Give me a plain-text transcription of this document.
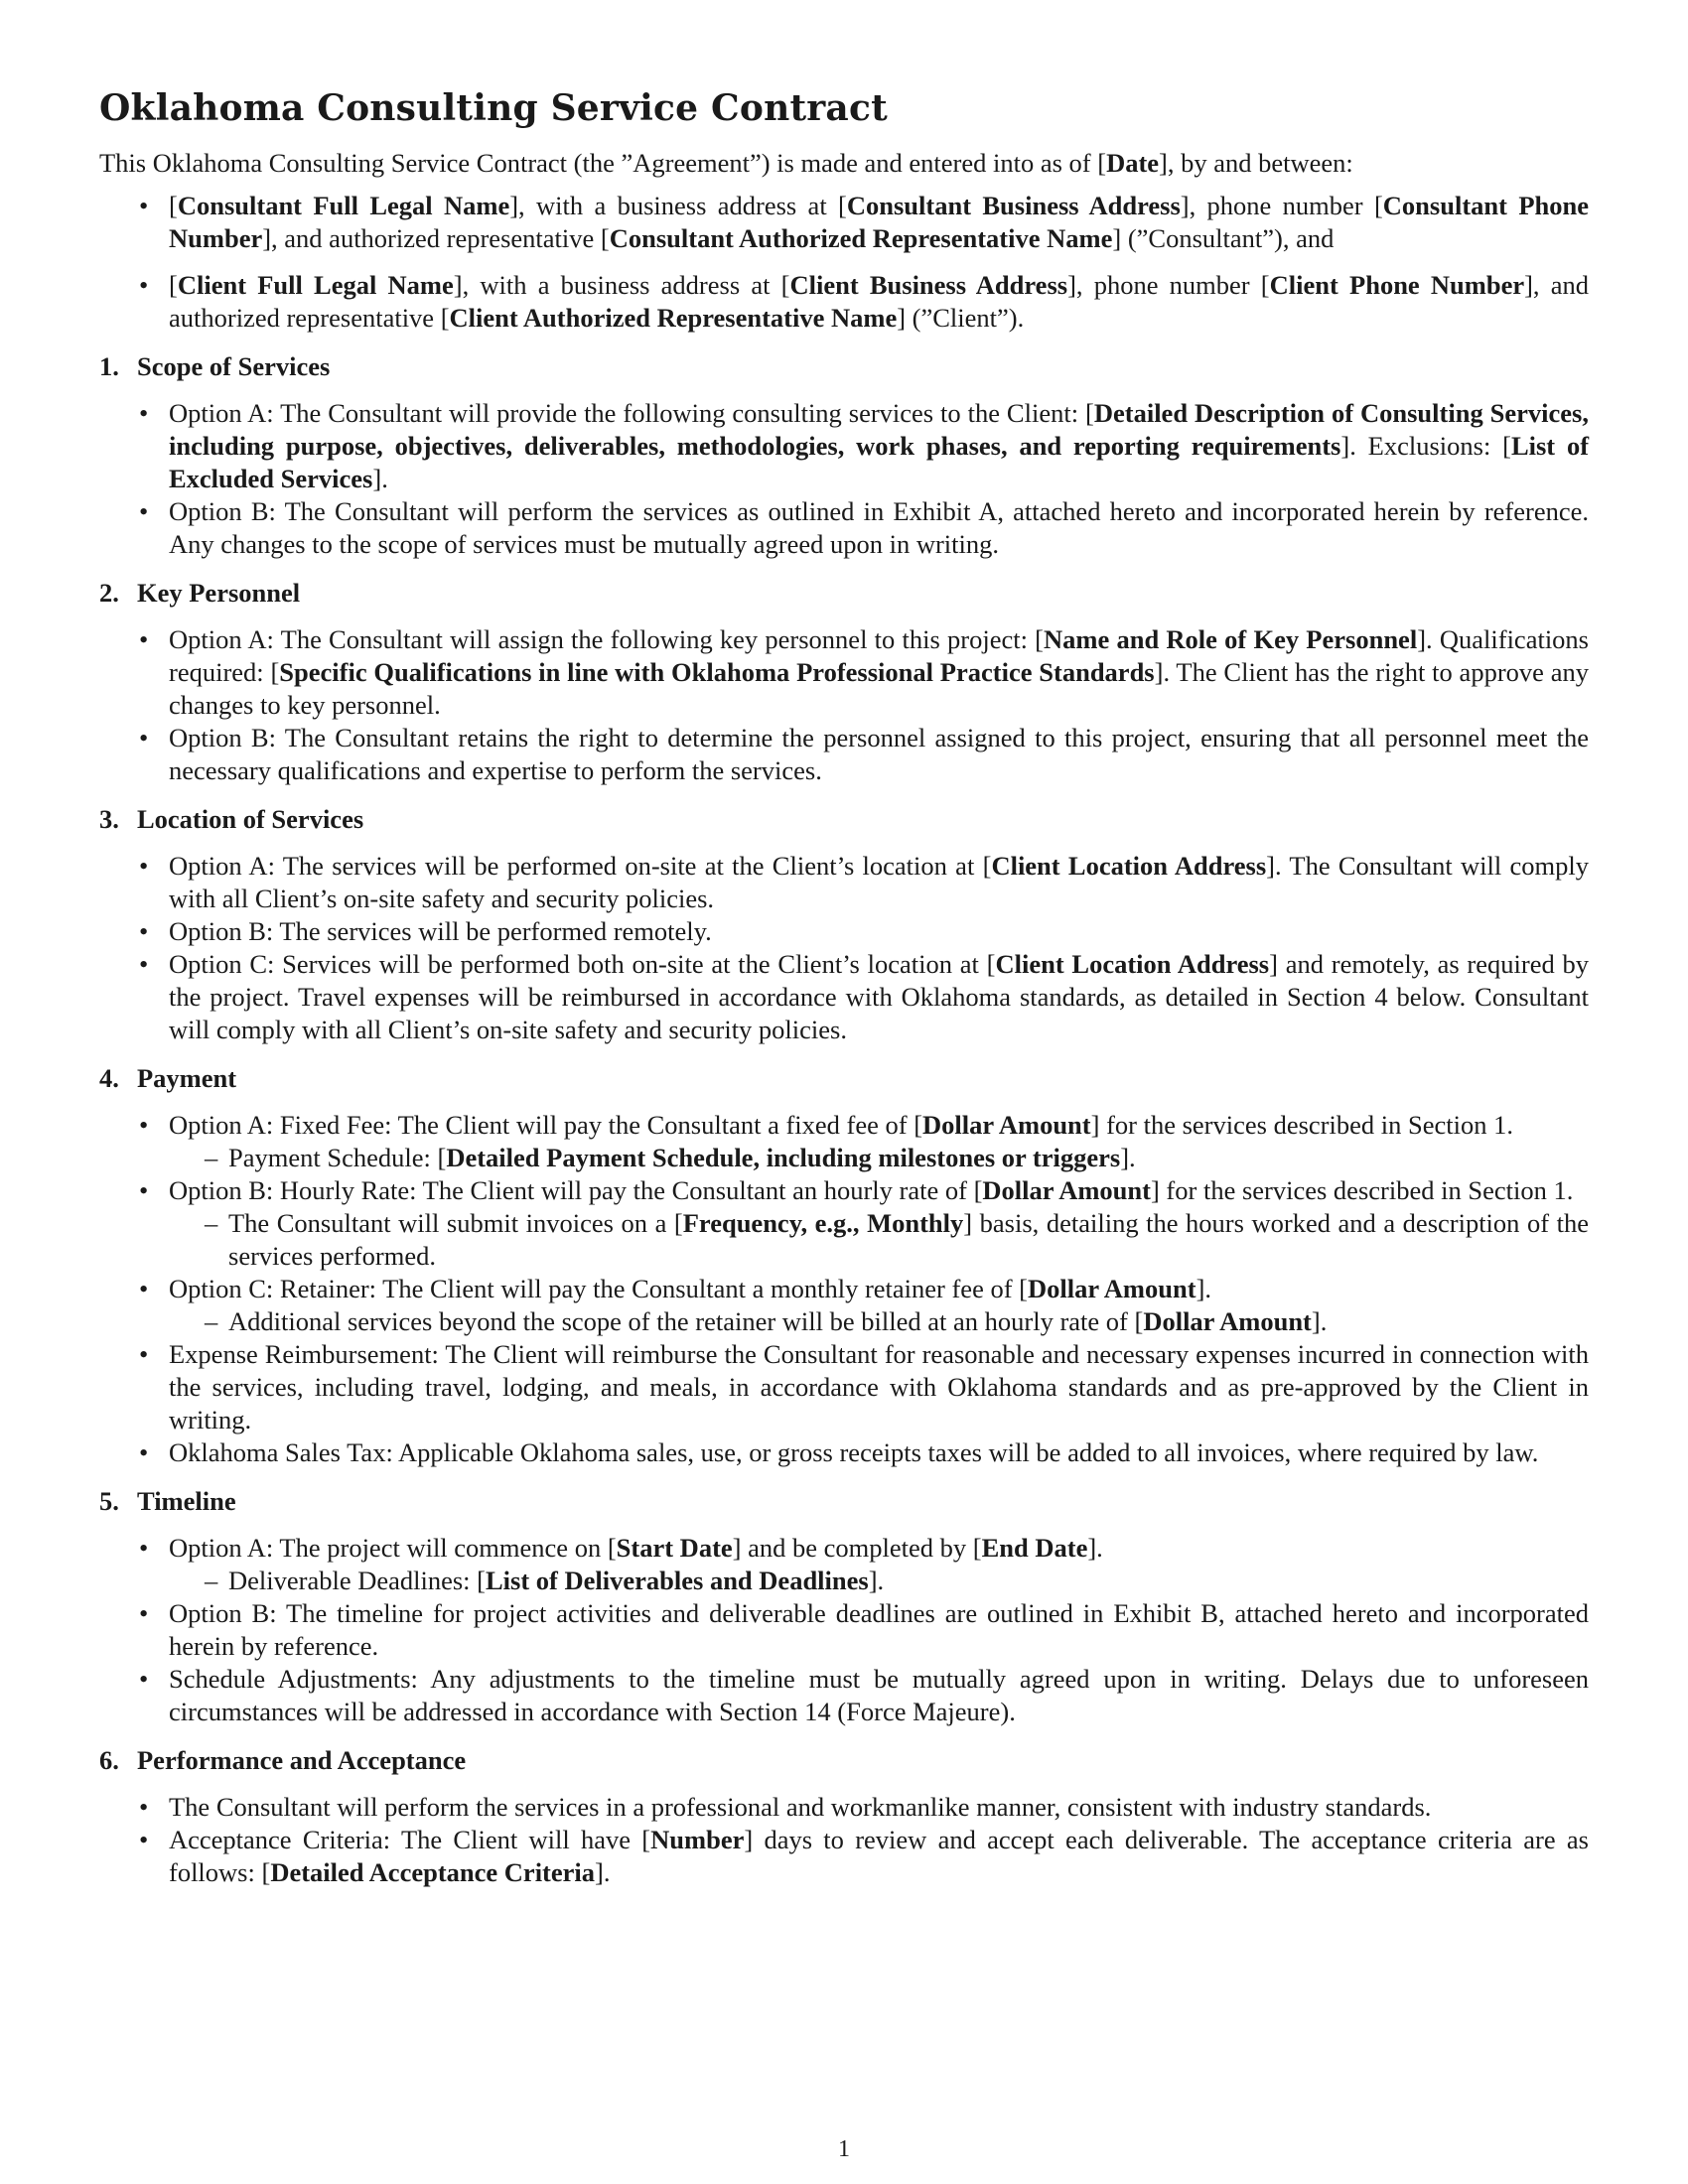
Oklahoma Consulting Service Contract

This Oklahoma Consulting Service Contract (the ”Agreement”) is made and entered into as of [Date], by and between:

• [Consultant Full Legal Name], with a business address at [Consultant Business Address], phone number [Consultant Phone Number], and authorized representative [Consultant Authorized Representative Name] (”Consultant”), and
• [Client Full Legal Name], with a business address at [Client Business Address], phone number [Client Phone Number], and authorized representative [Client Authorized Representative Name] (”Client”).
1. Scope of Services
• Option A: The Consultant will provide the following consulting services to the Client: [Detailed Description of Consulting Services, including purpose, objectives, deliverables, methodologies, work phases, and reporting requirements]. Exclusions: [List of Excluded Services].
• Option B: The Consultant will perform the services as outlined in Exhibit A, attached hereto and incorporated herein by reference. Any changes to the scope of services must be mutually agreed upon in writing.
2. Key Personnel
• Option A: The Consultant will assign the following key personnel to this project: [Name and Role of Key Personnel]. Qualifications required: [Specific Qualifications in line with Oklahoma Professional Practice Standards]. The Client has the right to approve any changes to key personnel.
• Option B: The Consultant retains the right to determine the personnel assigned to this project, ensuring that all personnel meet the necessary qualifications and expertise to perform the services.
3. Location of Services
• Option A: The services will be performed on-site at the Client’s location at [Client Location Address]. The Consultant will comply with all Client’s on-site safety and security policies.
• Option B: The services will be performed remotely.
• Option C: Services will be performed both on-site at the Client’s location at [Client Location Address] and remotely, as required by the project. Travel expenses will be reimbursed in accordance with Oklahoma standards, as detailed in Section 4 below. Consultant will comply with all Client’s on-site safety and security policies.
4. Payment
• Option A: Fixed Fee: The Client will pay the Consultant a fixed fee of [Dollar Amount] for the services described in Section 1.
– Payment Schedule: [Detailed Payment Schedule, including milestones or triggers].
• Option B: Hourly Rate: The Client will pay the Consultant an hourly rate of [Dollar Amount] for the services described in Section 1.
– The Consultant will submit invoices on a [Frequency, e.g., Monthly] basis, detailing the hours worked and a description of the services performed.
• Option C: Retainer: The Client will pay the Consultant a monthly retainer fee of [Dollar Amount].
– Additional services beyond the scope of the retainer will be billed at an hourly rate of [Dollar Amount].
• Expense Reimbursement: The Client will reimburse the Consultant for reasonable and necessary expenses incurred in connection with the services, including travel, lodging, and meals, in accordance with Oklahoma standards and as pre-approved by the Client in writing.
• Oklahoma Sales Tax: Applicable Oklahoma sales, use, or gross receipts taxes will be added to all invoices, where required by law.
5. Timeline
• Option A: The project will commence on [Start Date] and be completed by [End Date].
– Deliverable Deadlines: [List of Deliverables and Deadlines].
• Option B: The timeline for project activities and deliverable deadlines are outlined in Exhibit B, attached hereto and incorporated herein by reference.
• Schedule Adjustments: Any adjustments to the timeline must be mutually agreed upon in writing. Delays due to unforeseen circumstances will be addressed in accordance with Section 14 (Force Majeure).
6. Performance and Acceptance
• The Consultant will perform the services in a professional and workmanlike manner, consistent with industry standards.
• Acceptance Criteria: The Client will have [Number] days to review and accept each deliverable. The acceptance criteria are as follows: [Detailed Acceptance Criteria].
1
